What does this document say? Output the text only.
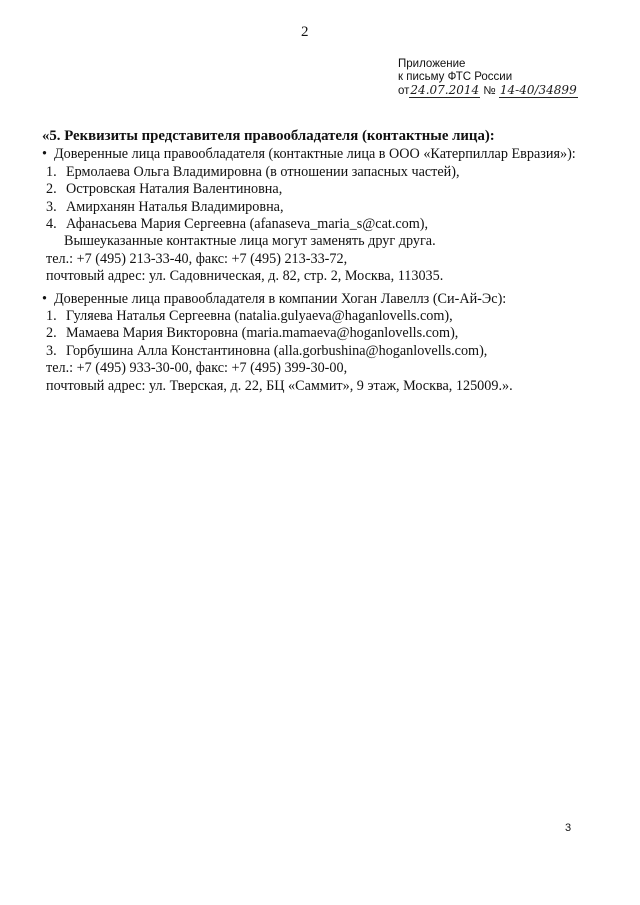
2
Приложение
к письму ФТС России
от24.07.2014 № 14-40/34899
«5. Реквизиты представителя правообладателя (контактные лица):
• Доверенные лица правообладателя (контактные лица в ООО «Катерпиллар Евразия»):
1. Ермолаева Ольга Владимировна (в отношении запасных частей),
2. Островская Наталия Валентиновна,
3. Амирханян Наталья Владимировна,
4. Афанасьева Мария Сергеевна (afanaseva_maria_s@cat.com),
Вышеуказанные контактные лица могут заменять друг друга.
тел.: +7 (495) 213-33-40, факс: +7 (495) 213-33-72,
почтовый адрес: ул. Садовническая, д. 82, стр. 2, Москва, 113035.
• Доверенные лица правообладателя в компании Хоган Лавеллз (Си-Ай-Эс):
1. Гуляева Наталья Сергеевна (natalia.gulyaeva@haganlovells.com),
2. Мамаева Мария Викторовна (maria.mamaeva@hoganlovells.com),
3. Горбушина Алла Константиновна (alla.gorbushina@hoganlovells.com),
тел.: +7 (495) 933-30-00, факс: +7 (495) 399-30-00,
почтовый адрес: ул. Тверская, д. 22, БЦ «Саммит», 9 этаж, Москва, 125009.».
3
